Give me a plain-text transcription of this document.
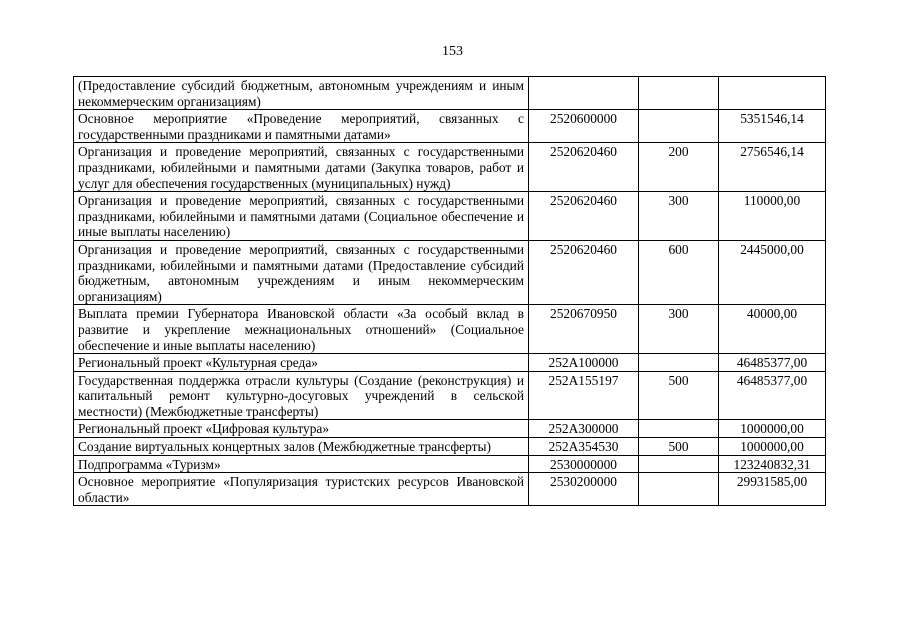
153
(Предоставление субсидий бюджетным, автономным учреждениям и иным некоммерческим организациям)			
Основное мероприятие «Проведение мероприятий, связанных с государственными праздниками и памятными датами»	2520600000		5351546,14
Организация и проведение мероприятий, связанных с государственными праздниками, юбилейными и памятными датами (Закупка товаров, работ и услуг для обеспечения государственных (муниципальных) нужд)	2520620460	200	2756546,14
Организация и проведение мероприятий, связанных с государственными праздниками, юбилейными и памятными датами (Социальное обеспечение и иные выплаты населению)	2520620460	300	110000,00
Организация и проведение мероприятий, связанных с государственными праздниками, юбилейными и памятными датами (Предоставление субсидий бюджетным, автономным учреждениям и иным некоммерческим организациям)	2520620460	600	2445000,00
Выплата премии Губернатора Ивановской области «За особый вклад в развитие и укрепление межнациональных отношений» (Социальное обеспечение и иные выплаты населению)	2520670950	300	40000,00
Региональный проект «Культурная среда»	252A100000		46485377,00
Государственная поддержка отрасли культуры (Создание (реконструкция) и капитальный ремонт культурно-досуговых учреждений в сельской местности) (Межбюджетные трансферты)	252A155197	500	46485377,00
Региональный проект «Цифровая культура»	252A300000		1000000,00
Создание виртуальных концертных залов (Межбюджетные трансферты)	252A354530	500	1000000,00
Подпрограмма «Туризм»	2530000000		123240832,31
Основное мероприятие «Популяризация туристских ресурсов Ивановской области»	2530200000		29931585,00
